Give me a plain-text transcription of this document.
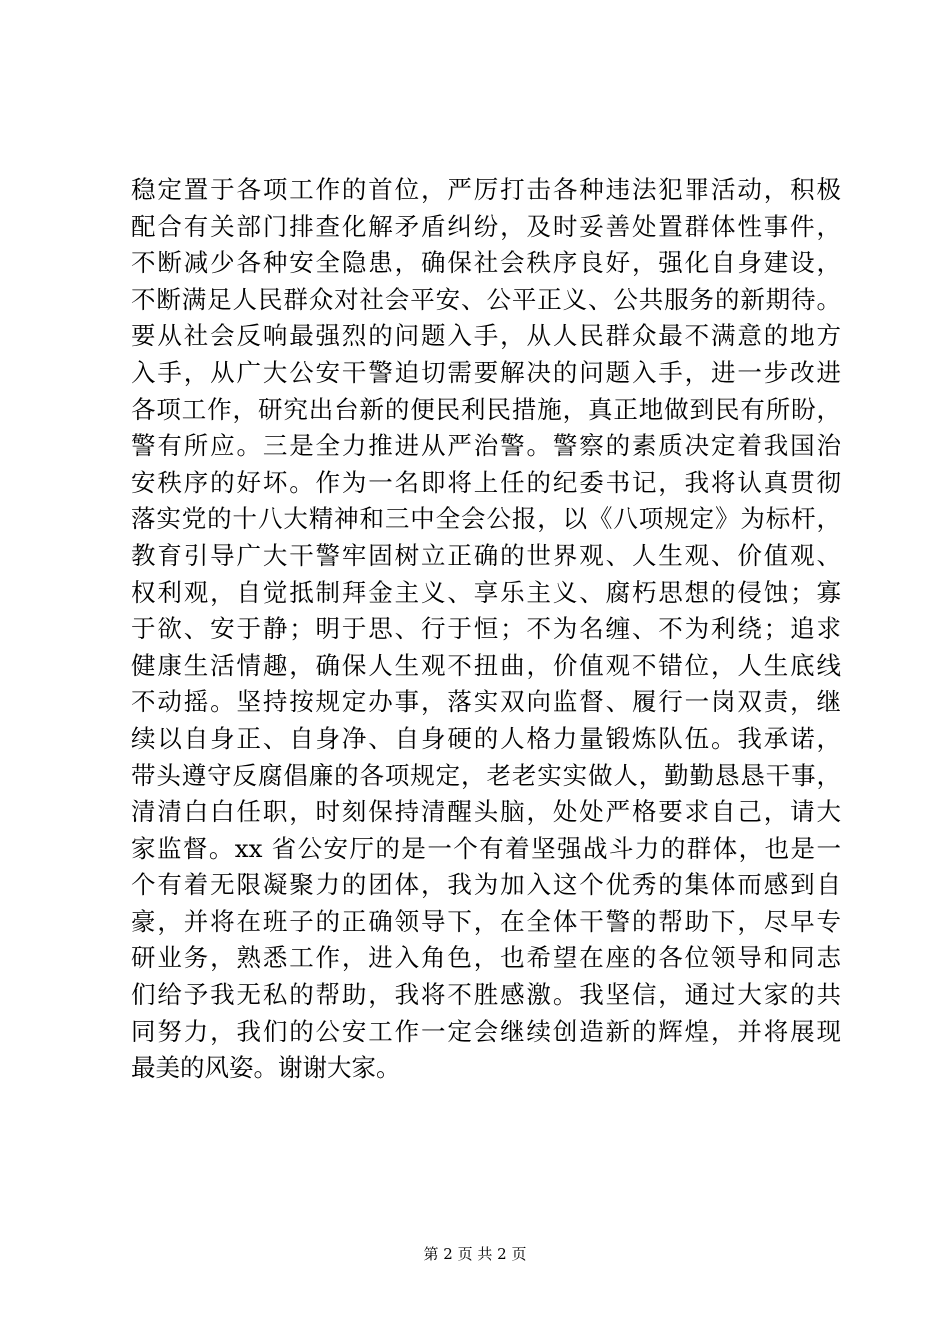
稳定置于各项工作的首位，严厉打击各种违法犯罪活动，积极
配合有关部门排查化解矛盾纠纷，及时妥善处置群体性事件，
不断减少各种安全隐患，确保社会秩序良好，强化自身建设，
不断满足人民群众对社会平安、公平正义、公共服务的新期待。
要从社会反响最强烈的问题入手，从人民群众最不满意的地方
入手，从广大公安干警迫切需要解决的问题入手，进一步改进
各项工作，研究出台新的便民利民措施，真正地做到民有所盼，
警有所应。三是全力推进从严治警。警察的素质决定着我国治
安秩序的好坏。作为一名即将上任的纪委书记，我将认真贯彻
落实党的十八大精神和三中全会公报，以《八项规定》为标杆，
教育引导广大干警牢固树立正确的世界观、人生观、价值观、
权利观，自觉抵制拜金主义、享乐主义、腐朽思想的侵蚀；寡
于欲、安于静；明于思、行于恒；不为名缠、不为利绕；追求
健康生活情趣，确保人生观不扭曲，价值观不错位，人生底线
不动摇。坚持按规定办事，落实双向监督、履行一岗双责，继
续以自身正、自身净、自身硬的人格力量锻炼队伍。我承诺，
带头遵守反腐倡廉的各项规定，老老实实做人，勤勤恳恳干事，
清清白白任职，时刻保持清醒头脑，处处严格要求自己，请大
家监督。xx 省公安厅的是一个有着坚强战斗力的群体，也是一
个有着无限凝聚力的团体，我为加入这个优秀的集体而感到自
豪，并将在班子的正确领导下，在全体干警的帮助下，尽早专
研业务，熟悉工作，进入角色，也希望在座的各位领导和同志
们给予我无私的帮助，我将不胜感激。我坚信，通过大家的共
同努力，我们的公安工作一定会继续创造新的辉煌，并将展现
最美的风姿。谢谢大家。
第 2 页 共 2 页
